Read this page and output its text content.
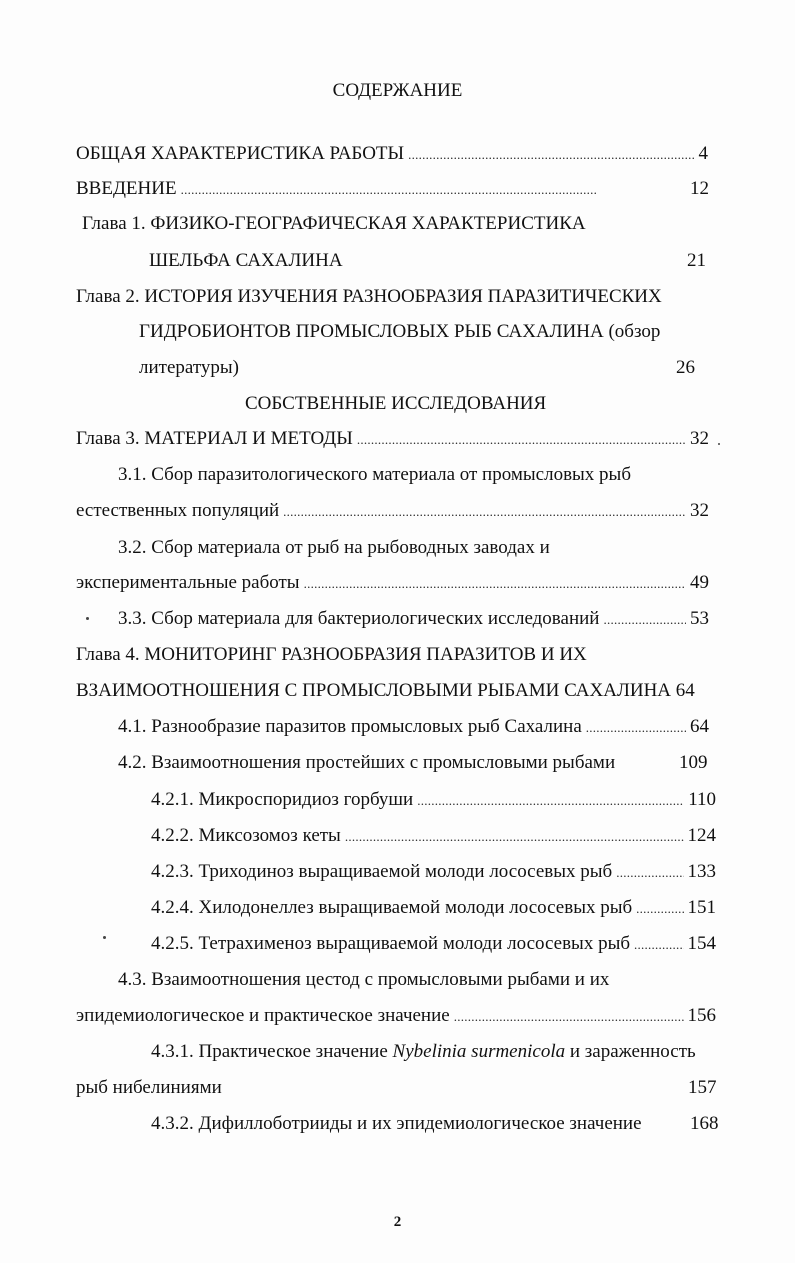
СОДЕРЖАНИЕ
ОБЩАЯ ХАРАКТЕРИСТИКА РАБОТЫ . . .	4
ВВЕДЕНИЕ . . .	12
Глава 1. ФИЗИКО-ГЕОГРАФИЧЕСКАЯ ХАРАКТЕРИСТИКА
ШЕЛЬФА САХАЛИНА	21
Глава 2. ИСТОРИЯ ИЗУЧЕНИЯ РАЗНООБРАЗИЯ ПАРАЗИТИЧЕСКИХ
ГИДРОБИОНТОВ ПРОМЫСЛОВЫХ РЫБ САХАЛИНА (обзор
литературы)	26
СОБСТВЕННЫЕ ИССЛЕДОВАНИЯ
Глава 3. МАТЕРИАЛ И МЕТОДЫ . . .	32
3.1. Сбор паразитологического материала от промысловых рыб
естественных популяций . . .	32
3.2. Сбор материала от рыб на рыбоводных заводах и
экспериментальные работы . . .	49
3.3. Сбор материала для бактериологических исследований . . .	53
Глава 4. МОНИТОРИНГ РАЗНООБРАЗИЯ ПАРАЗИТОВ И ИХ
ВЗАИМООТНОШЕНИЯ С ПРОМЫСЛОВЫМИ РЫБАМИ САХАЛИНА 64
4.1. Разнообразие паразитов промысловых рыб Сахалина . . .	64
4.2. Взаимоотношения простейших с промысловыми рыбами	109
4.2.1. Микроспоридиоз горбуши . . .	110
4.2.2. Миксозомоз кеты . . .	124
4.2.3. Триходиноз выращиваемой молоди лососевых рыб . . .	133
4.2.4. Хилодонеллез выращиваемой молоди лососевых рыб . . .	151
4.2.5. Тетрахименоз выращиваемой молоди лососевых рыб . . .	154
4.3. Взаимоотношения цестод с промысловыми рыбами и их
эпидемиологическое и практическое значение . . .	156
4.3.1. Практическое значение Nybelinia surmenicola и зараженность
рыб нибелиниями	157
4.3.2. Дифиллоботрииды и их эпидемиологическое значение	168
2
